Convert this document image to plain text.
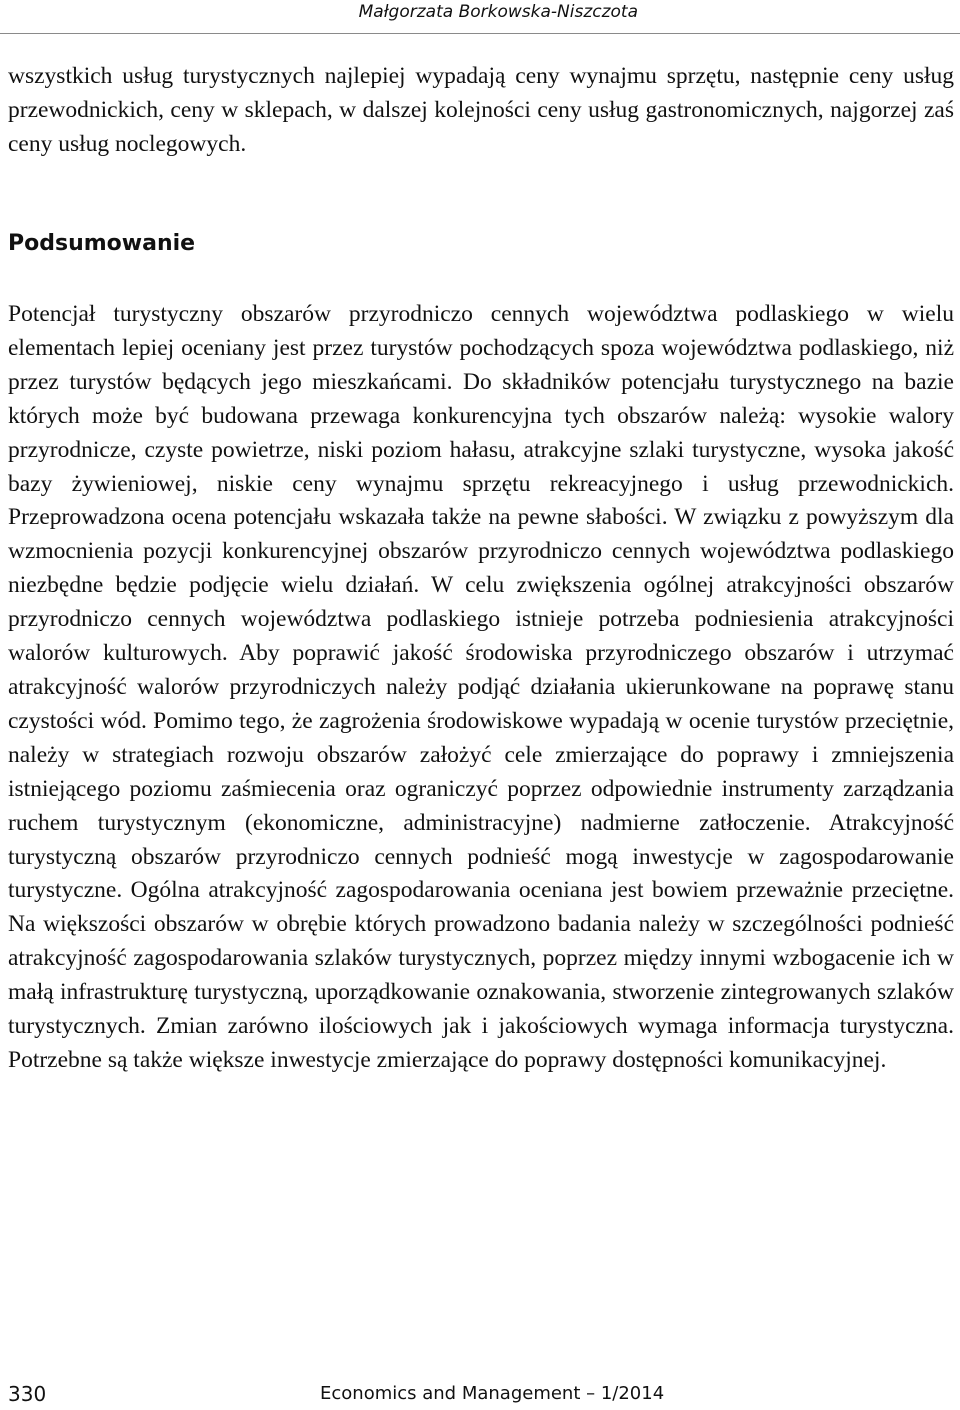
Małgorzata Borkowska-Niszczota

wszystkich usług turystycznych najlepiej wypadają ceny wynajmu sprzętu, następnie ceny usług przewodnickich, ceny w sklepach, w dalszej kolejności ceny usług gastronomicznych, najgorzej zaś ceny usług noclegowych.

Podsumowanie

Potencjał turystyczny obszarów przyrodniczo cennych województwa podlaskiego w wielu elementach lepiej oceniany jest przez turystów pochodzących spoza województwa podlaskiego, niż przez turystów będących jego mieszkańcami. Do składników potencjału turystycznego na bazie których może być budowana przewaga konkurencyjna tych obszarów należą: wysokie walory przyrodnicze, czyste powietrze, niski poziom hałasu, atrakcyjne szlaki turystyczne, wysoka jakość bazy żywieniowej, niskie ceny wynajmu sprzętu rekreacyjnego i usług przewodnickich. Przeprowadzona ocena potencjału wskazała także na pewne słabości. W związku z powyższym dla wzmocnienia pozycji konkurencyjnej obszarów przyrodniczo cennych województwa podlaskiego niezbędne będzie podjęcie wielu działań. W celu zwiększenia ogólnej atrakcyjności obszarów przyrodniczo cennych województwa podlaskiego istnieje potrzeba podniesienia atrakcyjności walorów kulturowych. Aby poprawić jakość środowiska przyrodniczego obszarów i utrzymać atrakcyjność walorów przyrodniczych należy podjąć działania ukierunkowane na poprawę stanu czystości wód. Pomimo tego, że zagrożenia środowiskowe wypadają w ocenie turystów przeciętnie, należy w strategiach rozwoju obszarów założyć cele zmierzające do poprawy i zmniejszenia istniejącego poziomu zaśmiecenia oraz ograniczyć poprzez odpowiednie instrumenty zarządzania ruchem turystycznym (ekonomiczne, administracyjne) nadmierne zatłoczenie. Atrakcyjność turystyczną obszarów przyrodniczo cennych podnieść mogą inwestycje w zagospodarowanie turystyczne. Ogólna atrakcyjność zagospodarowania oceniana jest bowiem przeważnie przeciętne. Na większości obszarów w obrębie których prowadzono badania należy w szczególności podnieść atrakcyjność zagospodarowania szlaków turystycznych, poprzez między innymi wzbogacenie ich w małą infrastrukturę turystyczną, uporządkowanie oznakowania, stworzenie zintegrowanych szlaków turystycznych. Zmian zarówno ilościowych jak i jakościowych wymaga informacja turystyczna. Potrzebne są także większe inwestycje zmierzające do poprawy dostępności komunikacyjnej.

330	Economics and Management – 1/2014
